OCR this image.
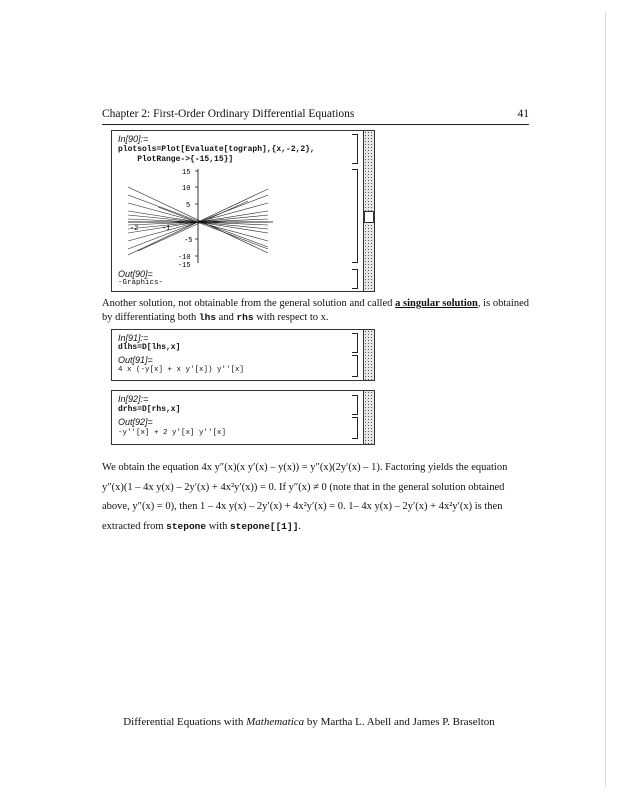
Chapter 2: First-Order Ordinary Differential Equations	41
In[90]:=
plotsols=Plot[Evaluate[tograph],{x,-2,2},
PlotRange->{-15,15}]
15
10
5
-5
-10
-15
-2	-1
Out[90]=
-Graphics-
Another solution, not obtainable from the general solution and called a singular solution, is obtained by differentiating both lhs and rhs with respect to x.
In[91]:=
dlhs=D[lhs,x]
Out[91]=
4 x (-y[x] + x y'[x]) y''[x]
In[92]:=
drhs=D[rhs,x]
Out[92]=
-y''[x] + 2 y'[x] y''[x]
We obtain the equation 4x y″(x)(x y′(x) – y(x)) = y″(x)(2y′(x) – 1). Factoring yields the equation
y″(x)(1 – 4x y(x) – 2y′(x) + 4x²y′(x)) = 0. If y″(x) ≠ 0 (note that in the general solution obtained
above, y″(x) = 0), then 1 – 4x y(x) – 2y′(x) + 4x²y′(x) = 0. 1– 4x y(x) – 2y′(x) + 4x²y′(x) is then
extracted from stepone with stepone[[1]].
Differential Equations with Mathematica by Martha L. Abell and James P. Braselton
